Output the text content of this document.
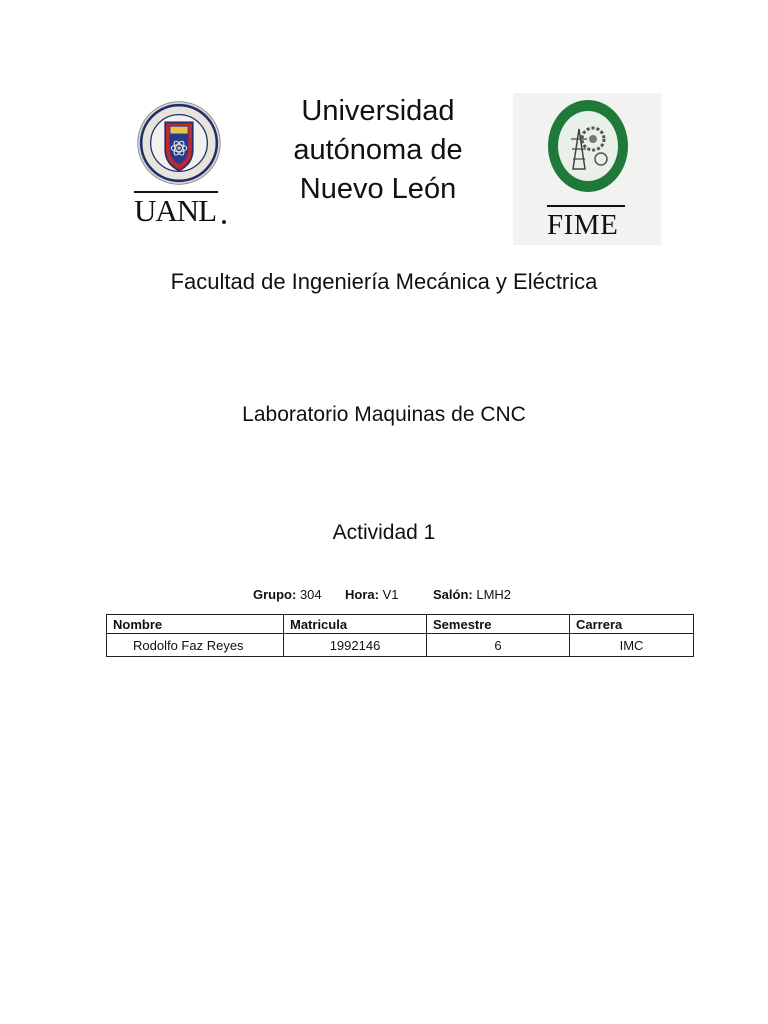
UANL
Universidad
autónoma de
Nuevo León
FIME
Facultad de Ingeniería Mecánica y Eléctrica
Laboratorio Maquinas de CNC
Actividad 1
Grupo: 304 Hora: V1	Salón: LMH2
Nombre	Matricula	Semestre	Carrera
Rodolfo Faz Reyes	1992146	6	IMC
